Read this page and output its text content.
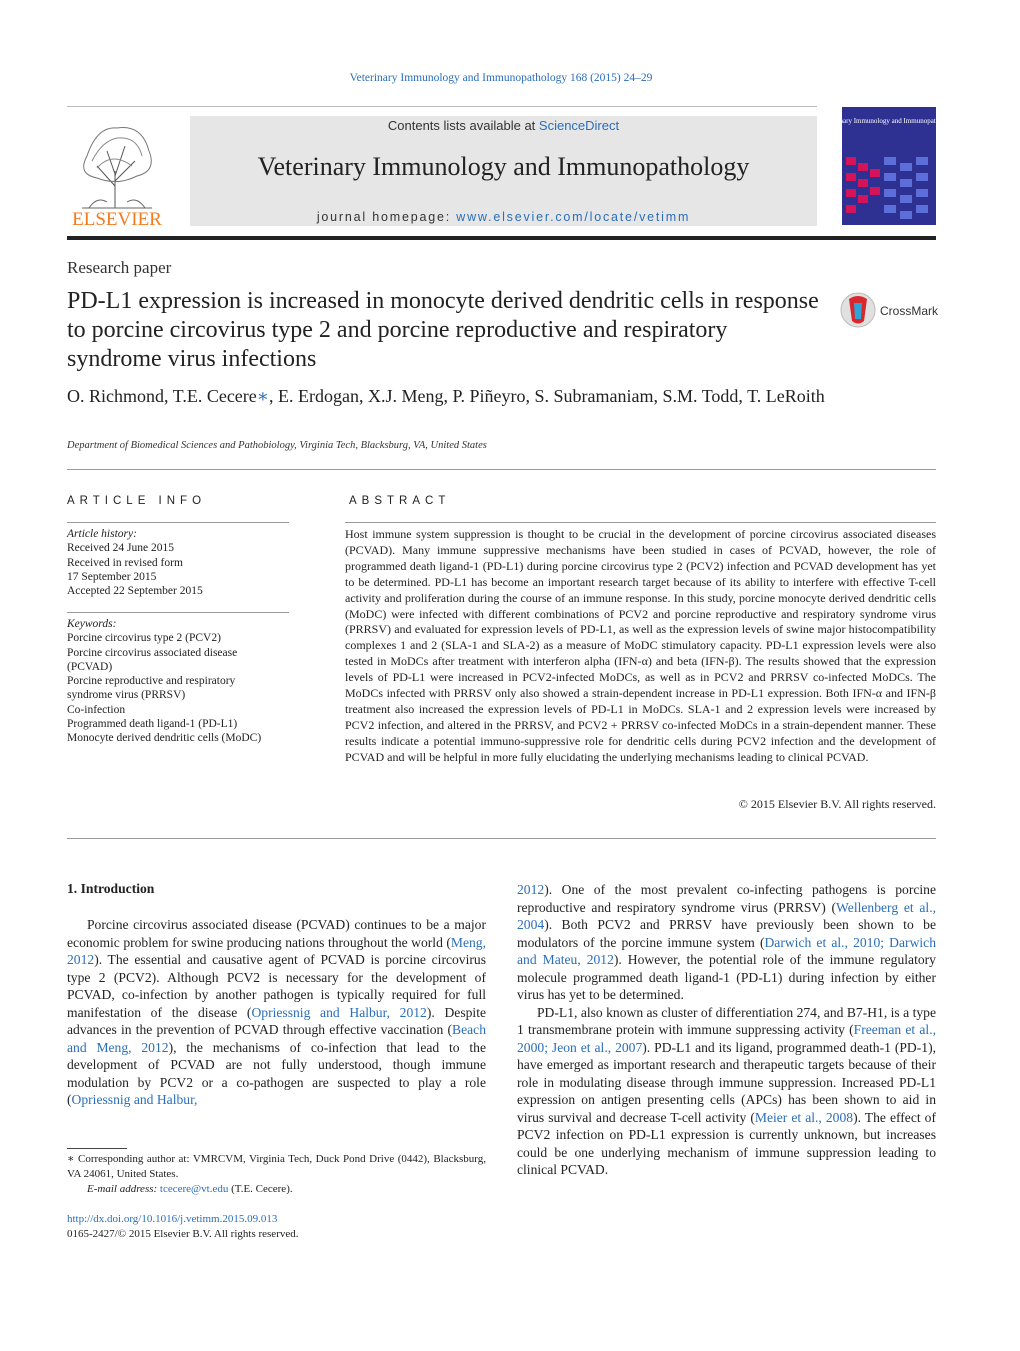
Veterinary Immunology and Immunopathology 168 (2015) 24–29
ELSEVIER
Contents lists available at ScienceDirect
Veterinary Immunology and Immunopathology
journal homepage: www.elsevier.com/locate/vetimm
Veterinary Immunology and Immunopathology
Research paper
PD-L1 expression is increased in monocyte derived dendritic cells in response to porcine circovirus type 2 and porcine reproductive and respiratory syndrome virus infections
CrossMark
O. Richmond, T.E. Cecere∗, E. Erdogan, X.J. Meng, P. Piñeyro, S. Subramaniam, S.M. Todd, T. LeRoith
Department of Biomedical Sciences and Pathobiology, Virginia Tech, Blacksburg, VA, United States
ARTICLE INFO
Article history:
Received 24 June 2015
Received in revised form
17 September 2015
Accepted 22 September 2015
Keywords:
Porcine circovirus type 2 (PCV2)
Porcine circovirus associated disease
(PCVAD)
Porcine reproductive and respiratory
syndrome virus (PRRSV)
Co-infection
Programmed death ligand-1 (PD-L1)
Monocyte derived dendritic cells (MoDC)
ABSTRACT
Host immune system suppression is thought to be crucial in the development of porcine circovirus associated diseases (PCVAD). Many immune suppressive mechanisms have been studied in cases of PCVAD, however, the role of programmed death ligand-1 (PD-L1) during porcine circovirus type 2 (PCV2) infection and PCVAD development has yet to be determined. PD-L1 has become an important research target because of its ability to interfere with effective T-cell activity and proliferation during the course of an immune response. In this study, porcine monocyte derived dendritic cells (MoDC) were infected with different combinations of PCV2 and porcine reproductive and respiratory syndrome virus (PRRSV) and evaluated for expression levels of PD-L1, as well as the expression levels of swine major histocompatibility complexes 1 and 2 (SLA-1 and SLA-2) as a measure of MoDC stimulatory capacity. PD-L1 expression levels were also tested in MoDCs after treatment with interferon alpha (IFN-α) and beta (IFN-β). The results showed that the expression levels of PD-L1 were increased in PCV2-infected MoDCs, as well as in PCV2 and PRRSV co-infected MoDCs. The MoDCs infected with PRRSV only also showed a strain-dependent increase in PD-L1 expression. Both IFN-α and IFN-β treatment also increased the expression levels of PD-L1 in MoDCs. SLA-1 and 2 expression levels were increased by PCV2 infection, and altered in the PRRSV, and PCV2 + PRRSV co-infected MoDCs in a strain-dependent manner. These results indicate a potential immuno-suppressive role for dendritic cells during PCV2 infection and the development of PCVAD and will be helpful in more fully elucidating the underlying mechanisms leading to clinical PCVAD.
© 2015 Elsevier B.V. All rights reserved.
1. Introduction

Porcine circovirus associated disease (PCVAD) continues to be a major economic problem for swine producing nations throughout the world (Meng, 2012). The essential and causative agent of PCVAD is porcine circovirus type 2 (PCV2). Although PCV2 is necessary for the development of PCVAD, co-infection by another pathogen is typically required for full manifestation of the disease (Opriessnig and Halbur, 2012). Despite advances in the prevention of PCVAD through effective vaccination (Beach and Meng, 2012), the mechanisms of co-infection that lead to the development of PCVAD are not fully understood, though immune modulation by PCV2 or a co-pathogen are suspected to play a role (Opriessnig and Halbur,

2012). One of the most prevalent co-infecting pathogens is porcine reproductive and respiratory syndrome virus (PRRSV) (Wellenberg et al., 2004). Both PCV2 and PRRSV have previously been shown to be modulators of the porcine immune system (Darwich et al., 2010; Darwich and Mateu, 2012). However, the potential role of the immune regulatory molecule programmed death ligand-1 (PD-L1) during infection by either virus has yet to be determined.

PD-L1, also known as cluster of differentiation 274, and B7-H1, is a type 1 transmembrane protein with immune suppressing activity (Freeman et al., 2000; Jeon et al., 2007). PD-L1 and its ligand, programmed death-1 (PD-1), have emerged as important research and therapeutic targets because of their role in modulating disease through immune suppression. Increased PD-L1 expression on antigen presenting cells (APCs) has been shown to aid in virus survival and decrease T-cell activity (Meier et al., 2008). The effect of PCV2 infection on PD-L1 expression is currently unknown, but increases could be one underlying mechanism of immune suppression leading to clinical PCVAD.

∗ Corresponding author at: VMRCVM, Virginia Tech, Duck Pond Drive (0442), Blacksburg, VA 24061, United States.
E-mail address: tcecere@vt.edu (T.E. Cecere).
http://dx.doi.org/10.1016/j.vetimm.2015.09.013
0165-2427/© 2015 Elsevier B.V. All rights reserved.
